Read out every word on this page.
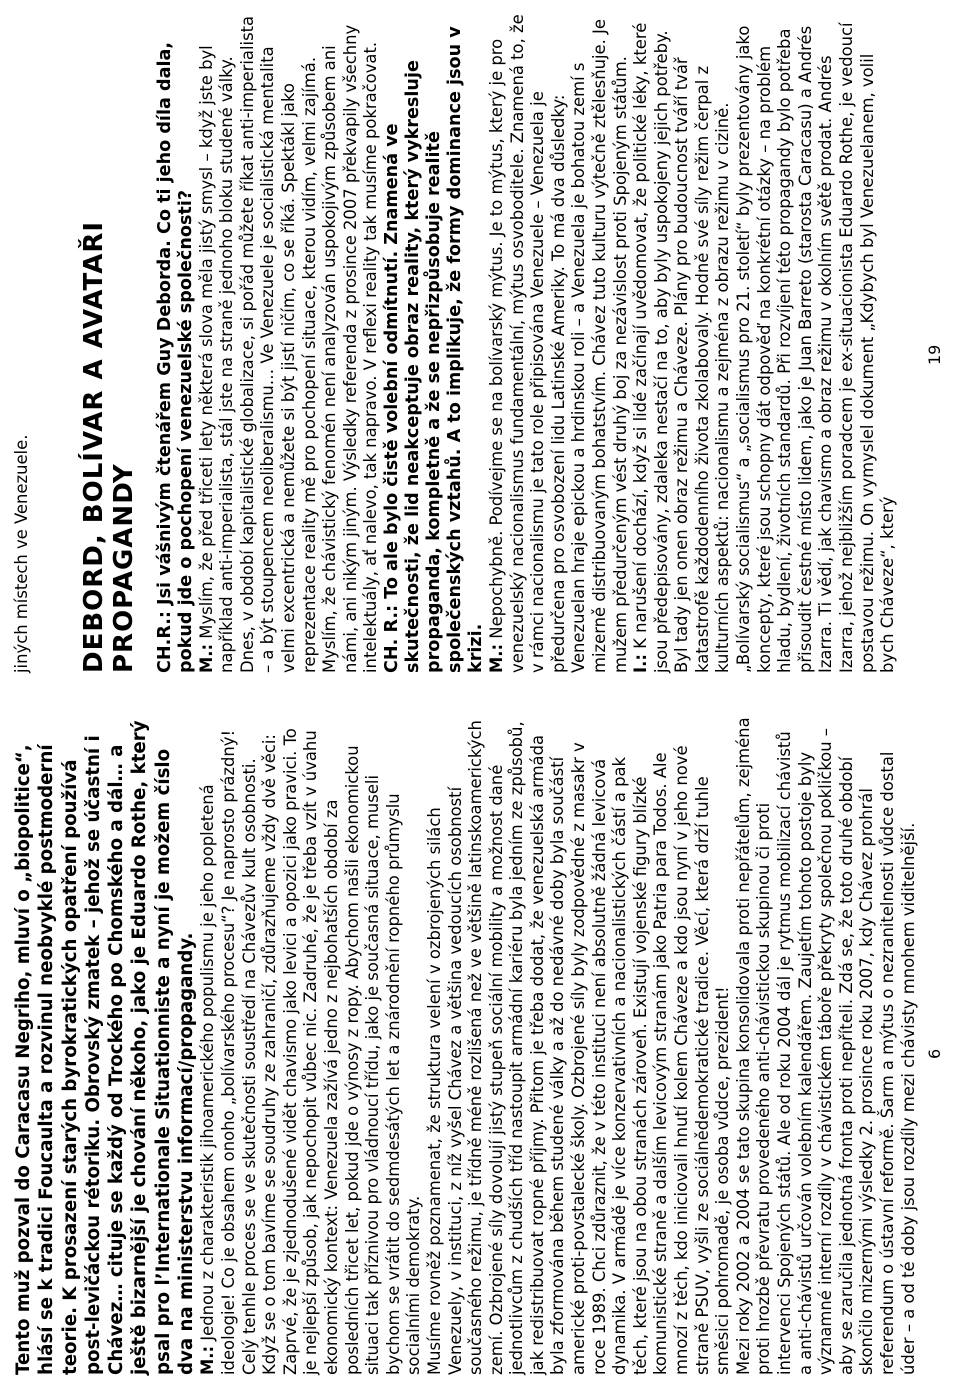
Tento muž pozval do Caracasu Negriho, mluví o „biopolitice“, hlásí se k tradici Foucaulta a rozvinul neobvyklé postmoderní teorie. K prosazení starých byrokratických opatření používá post-levičáckou rétoriku. Obrovský zmatek – jehož se účastní i Chávez… cituje se každý od Trockého po Chomského a dál… a ještě bizarnější je chování někoho, jako je Eduardo Rothe, který psal pro l’Internationale Situationniste a nyní je možem číslo dva na ministerstvu informací/propagandy. M.: Jednou z charakteristik jihoamerického populismu je jeho popletená ideologie! Co je obsahem onoho „bolívarského procesu“? Je naprosto prázdný! Celý tenhle proces se ve skutečnosti soustředí na Chávezův kult osobnosti. Když se o tom bavíme se soudruhy ze zahraničí, zdůrazňujeme vždy dvě věci: Zaprvé, že je zjednodušené vidět chavismo jako levici a opozici jako pravici. To je nejlepší způsob, jak nepochopit vůbec nic. Zadruhé, že je třeba vzít v úvahu ekonomický kontext: Venezuela zažívá jedno z nejbohatších období za posledních třicet let, pokud jde o výnosy z ropy. Abychom našli ekonomickou situaci tak příznivou pro vládnoucí třídu, jako je současná situace, museli bychom se vrátit do sedmdesátých let a znárodnění ropného průmyslu socialními demokraty. Musíme rovněž poznamenat, že struktura velení v ozbrojených silách Venezuely, v instituci, z níž vyšel Chávez a většina vedoucích osobností současného režimu, je třídně méně rozlišená než ve většině latinskoamerických zemí. Ozbrojené síly dovolují jistý stupeň sociální mobility a možnost dané jednotlivcům z chudších tříd nastoupit armádní kariéru byla jedním ze způsobů, jak redistribuovat ropné příjmy. Přitom je třeba dodat, že venezuelská armáda byla zformována během studené války a až do nedávné doby byla součástí americké proti-povstalecké školy. Ozbrojené síly byly zodpovědné z masakr v roce 1989. Chci zdůraznit, že v této instituci není absolutně žádná levicová dynamika. V armádě je více konzervativních a nacionalistických částí a pak těch, které jsou na obou stranách zároveň. Existují vojenské figury blízké komunistické straně a dalším levicovým stranám jako Patria para Todos. Ale mnozí z těch, kdo iniciovali hnutí kolem Cháveze a kdo jsou nyní v jeho nové straně PSUV, vyšli ze sociálnědemokratické tradice. Věcí, která drží tuhle směsici pohromadě, je osoba vůdce, prezident! Mezi roky 2002 a 2004 se tato skupina konsolidovala proti nepřátelům, zejména proti hrozbě převratu provedeného anti-chávistickou skupinou či proti intervenci Spojených států. Ale od roku 2004 dál je rytmus mobilizací chávistů a anti-chávistů určován volebním kalendářem. Zaujetím tohoto postoje byly významné interní rozdíly v chávistickém táboře překryty společnou pokličkou – aby se zaručila jednotná fronta proti nepříteli. Zdá se, že toto druhé období skončilo mizernými výsledky 2. prosince roku 2007, kdy Chávez prohrál referendum o ústavní reformě. Šarm a mýtus o nezranitelnosti vůdce dostal úder – a od té doby jsou rozdíly mezi chávisty mnohem viditelnější. 6

jiných místech ve Venezuele. DEBORD, BOLÍVAR A AVATAŘI PROPAGANDY CH.R.: Jsi vášnivým čtenářem Guy Deborda. Co ti jeho díla dala, pokud jde o pochopení venezuelské společnosti? M.: Myslím, že před třiceti lety některá slova měla jistý smysl – když jste byl například anti-imperialista, stál jste na straně jednoho bloku studené války. Dnes, v období kapitalistické globalizace, si pořád můžete říkat anti-imperialista – a být stoupencem neoliberalismu… Ve Venezuele je socialistická mentalita velmi excentrická a nemůžete si být jistí ničím, co se říká. Spektákl jako reprezentace reality mě pro pochopení situace, kterou vidím, velmi zajímá. Myslím, že chávistický fenomén není analyzován uspokojivým způsobem ani námi, ani nikým jiným. Výsledky referenda z prosince 2007 překvapily všechny intelektuály, ať nalevo, tak napravo. V reflexi reality tak musíme pokračovat. CH. R.: To ale bylo čistě volební odmítnutí. Znamená ve skutečnosti, že lid neakceptuje obraz reality, který vykresluje propaganda, kompletně a že se nepřizpůsobuje realitě společenských vztahů. A to implikuje, že formy dominance jsou v krizi. M.: Nepochybně. Podívejme se na bolívarský mýtus. Je to mýtus, který je pro venezuelský nacionalismus fundamentální, mýtus osvoboditele. Znamená to, že v rámci nacionalismu je tato role připisována Venezuele – Venezuela je předurčena pro osvobození lidu Latinské Ameriky. To má dva důsledky: Venezuelan hraje epickou a hrdinskou roli – a Venezuela je bohatou zemí s mizerně distribuovaným bohatstvím. Chávez tuto kulturu výtečně ztělesňuje. Je mužem předurčeným vést druhý boj za nezávislost proti Spojeným státům. I.: K narušení dochází, když si lidé začínají uvědomovat, že politické léky, které jsou předepisovány, zdaleka nestačí na to, aby byly uspokojeny jejich potřeby. Byl tady jen onen obraz režimu a Cháveze. Plány pro budoucnost tváří tvář katastrofě každodenního života zkolabovaly. Hodně své síly režim čerpal z kulturních aspektů: nacionalismu a zejména z obrazu režimu v cizině. „Bolívarský socialismus“ a „socialismus pro 21. století“ byly prezentovány jako koncepty, které jsou schopny dát odpověď na konkrétní otázky – na problém hladu, bydlení, životních standardů. Při rozvíjení této propagandy bylo potřeba přisoudit čestné místo lidem, jako je Juan Barreto (starosta Caracasu) a Andrés Izarra. Ti vědí, jak chavismo a obraz režimu v okolním světě prodat. Andrés Izarra, jehož nejbližším poradcem je ex-situacionista Eduardo Rothe, je vedoucí postavou režimu. On vymyslel dokument „Kdybych byl Venezuelanem, volil bych Cháveze“, který

19
